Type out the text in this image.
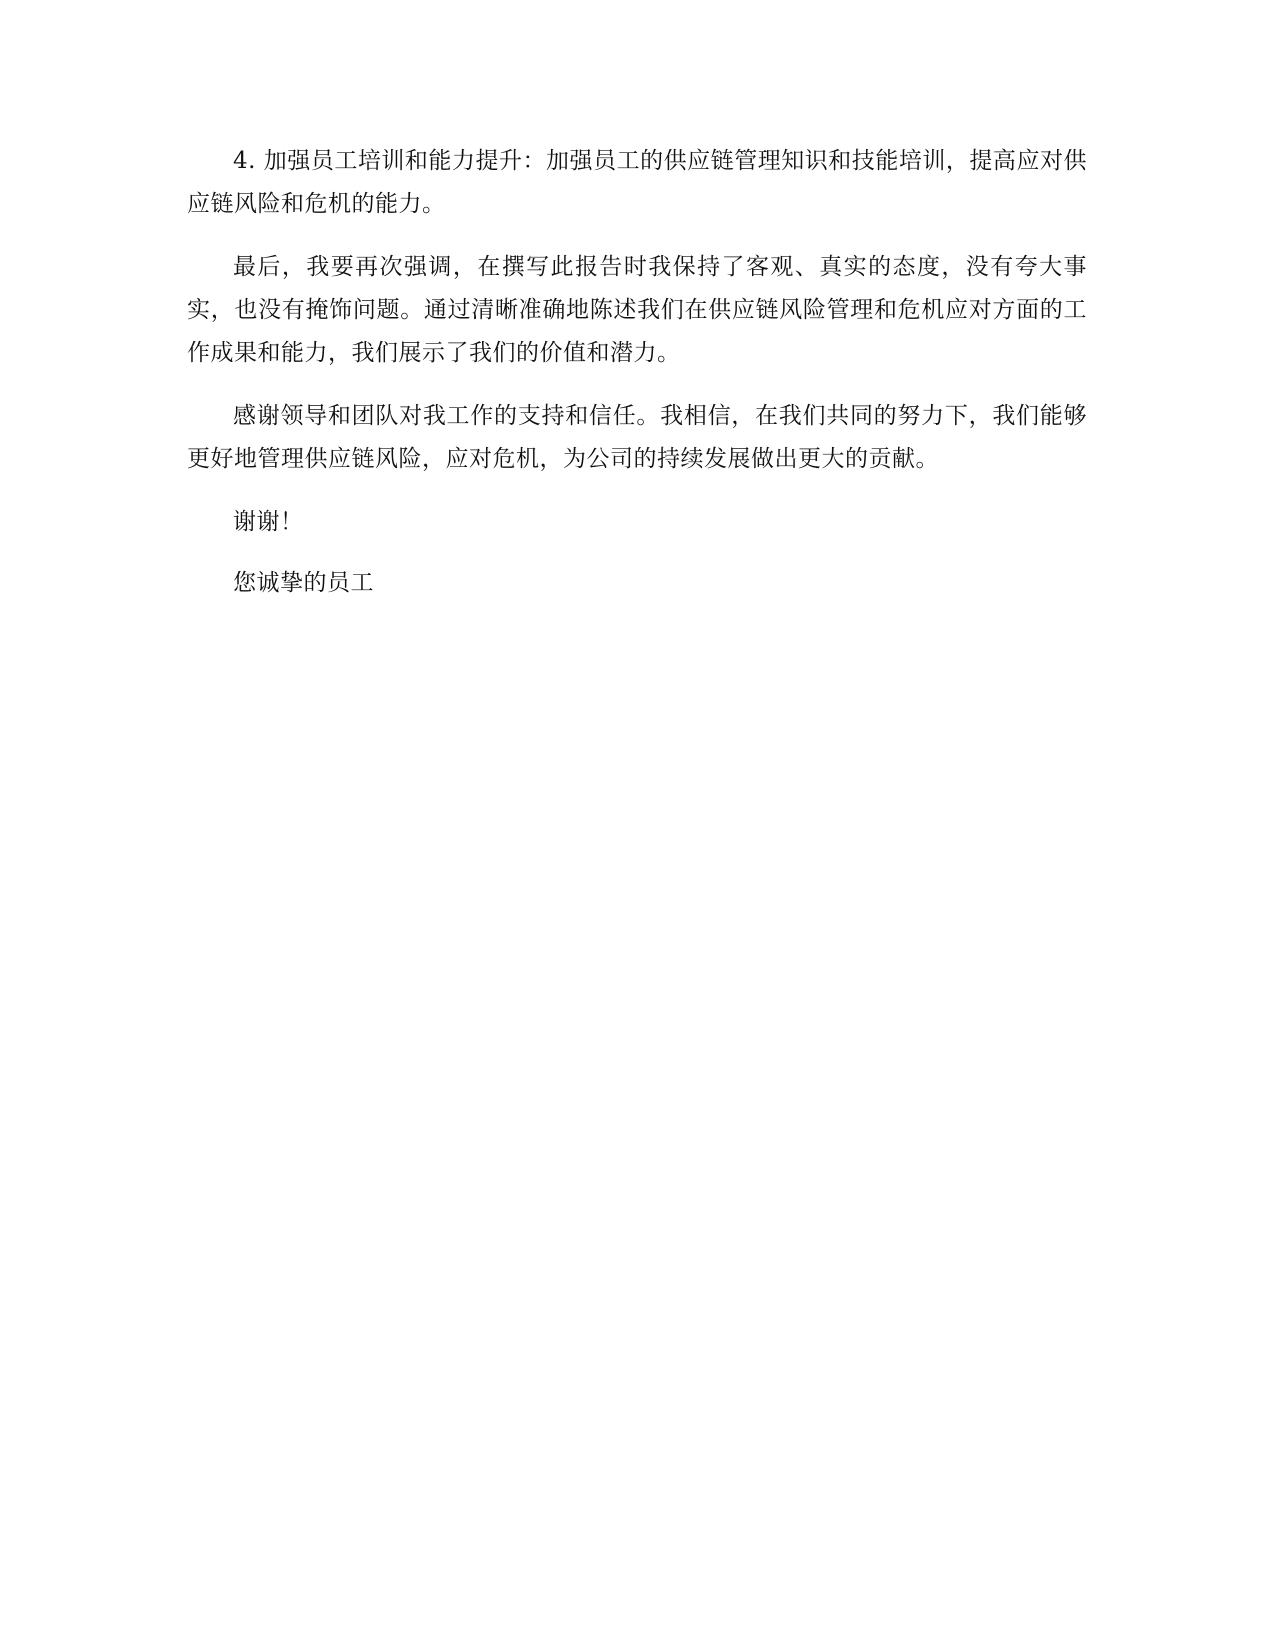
4. 加强员工培训和能力提升：加强员工的供应链管理知识和技能培训，提高应对供应链风险和危机的能力。

最后，我要再次强调，在撰写此报告时我保持了客观、真实的态度，没有夸大事实，也没有掩饰问题。通过清晰准确地陈述我们在供应链风险管理和危机应对方面的工作成果和能力，我们展示了我们的价值和潜力。

感谢领导和团队对我工作的支持和信任。我相信，在我们共同的努力下，我们能够更好地管理供应链风险，应对危机，为公司的持续发展做出更大的贡献。

谢谢！

您诚挚的员工
